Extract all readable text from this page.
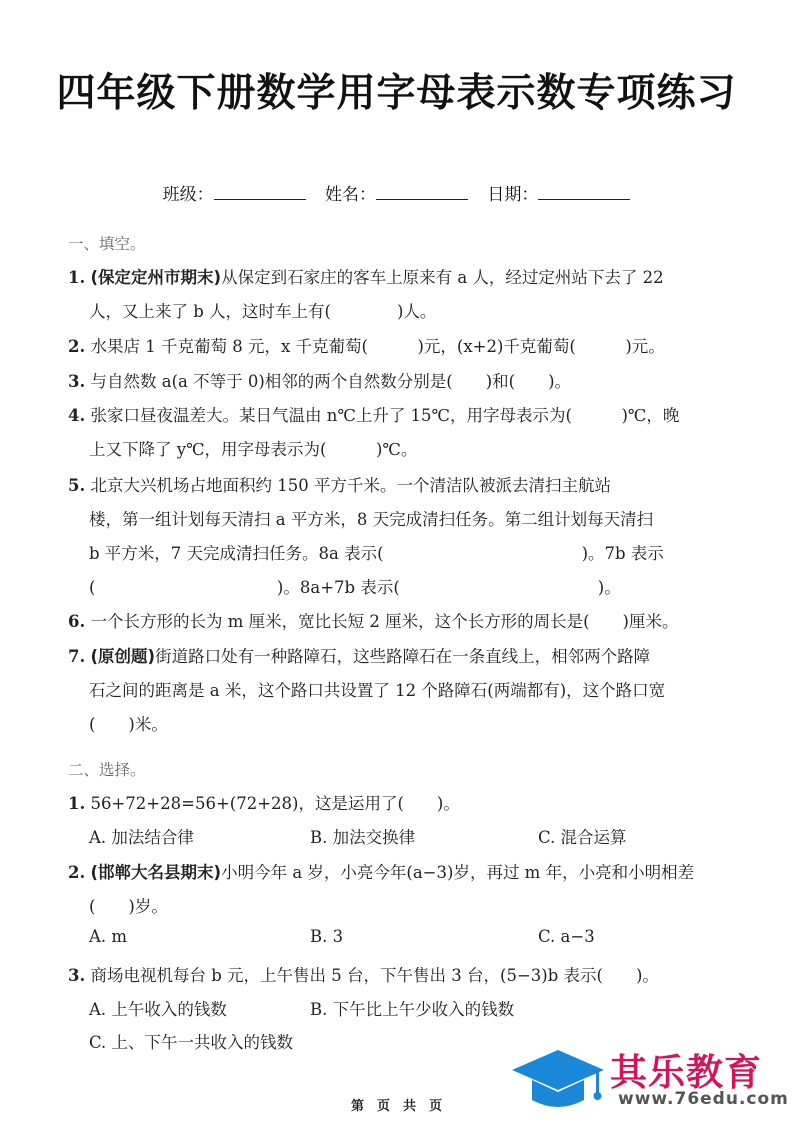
四年级下册数学用字母表示数专项练习
班级：	姓名：	日期：
一、填空。
1. (保定定州市期末)从保定到石家庄的客车上原来有 a 人，经过定州站下去了 22
人，又上来了 b 人，这时车上有(　　　　)人。
2. 水果店 1 千克葡萄 8 元，x 千克葡萄(　　　)元，(x+2)千克葡萄(　　　)元。
3. 与自然数 a(a 不等于 0)相邻的两个自然数分别是(　　)和(　　)。
4. 张家口昼夜温差大。某日气温由 n℃上升了 15℃，用字母表示为(　　　)℃，晚
上又下降了 y℃，用字母表示为(　　　)℃。
5. 北京大兴机场占地面积约 150 平方千米。一个清洁队被派去清扫主航站
楼，第一组计划每天清扫 a 平方米，8 天完成清扫任务。第二组计划每天清扫
b 平方米，7 天完成清扫任务。8a 表示(　　　　　　　　　　　　)。7b 表示
(　　　　　　　　　　　)。8a+7b 表示(　　　　　　　　　　　　)。
6. 一个长方形的长为 m 厘米，宽比长短 2 厘米，这个长方形的周长是(　　)厘米。
7. (原创题)街道路口处有一种路障石，这些路障石在一条直线上，相邻两个路障
石之间的距离是 a 米，这个路口共设置了 12 个路障石(两端都有)，这个路口宽
(　　)米。
二、选择。
1. 56+72+28=56+(72+28)，这是运用了(　　)。
A. 加法结合律	B. 加法交换律	C. 混合运算
2. (邯郸大名县期末)小明今年 a 岁，小亮今年(a−3)岁，再过 m 年，小亮和小明相差
(　　)岁。
A. m	B. 3	C. a−3
3. 商场电视机每台 b 元，上午售出 5 台，下午售出 3 台，(5−3)b 表示(　　)。
A. 上午收入的钱数	B. 下午比上午少收入的钱数
C. 上、下午一共收入的钱数
其乐教育
www.76edu.com
第　页　共　页
